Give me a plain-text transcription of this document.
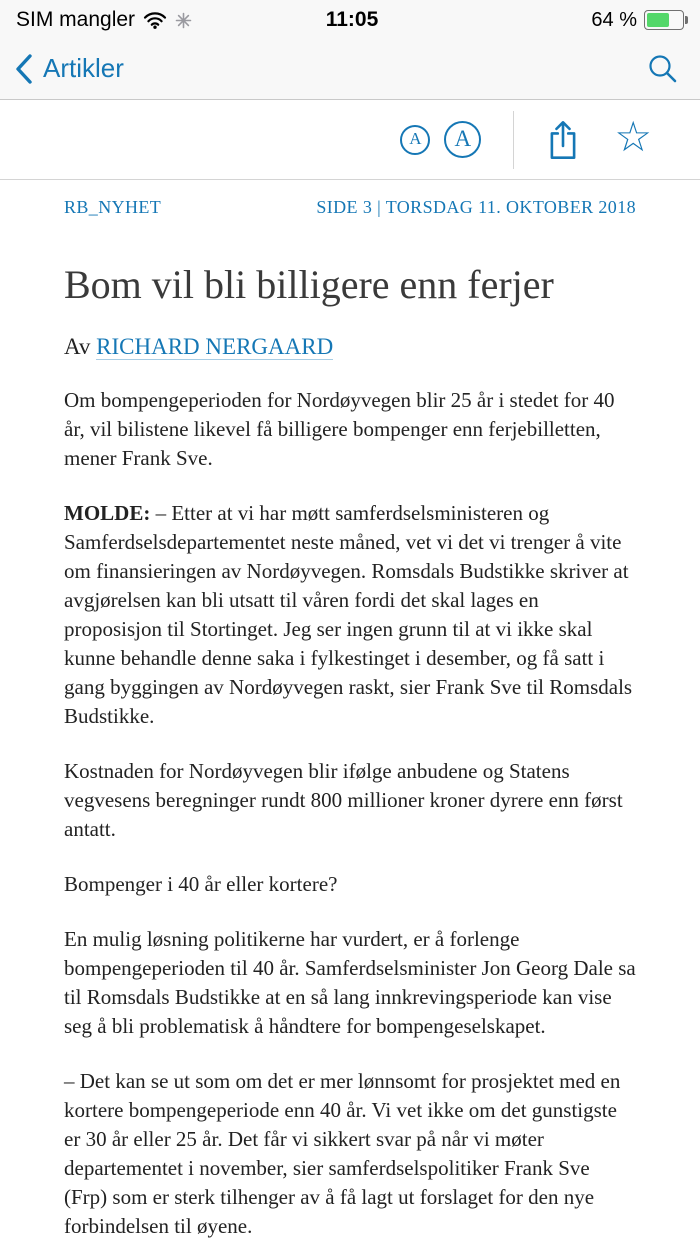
SIM mangler	11:05	64 %
Artikler
A A	☆
RB_NYHET	SIDE 3 | TORSDAG 11. OKTOBER 2018
Bom vil bli billigere enn ferjer
Av RICHARD NERGAARD

Om bompengeperioden for Nordøyvegen blir 25 år i stedet for 40 år, vil bilistene likevel få billigere bompenger enn ferjebilletten, mener Frank Sve.

MOLDE: – Etter at vi har møtt samferdselsministeren og Samferdselsdepartementet neste måned, vet vi det vi trenger å vite om finansieringen av Nordøyvegen. Romsdals Budstikke skriver at avgjørelsen kan bli utsatt til våren fordi det skal lages en proposisjon til Stortinget. Jeg ser ingen grunn til at vi ikke skal kunne behandle denne saka i fylkestinget i desember, og få satt i gang byggingen av Nordøyvegen raskt, sier Frank Sve til Romsdals Budstikke.

Kostnaden for Nordøyvegen blir ifølge anbudene og Statens vegvesens beregninger rundt 800 millioner kroner dyrere enn først antatt.

Bompenger i 40 år eller kortere?

En mulig løsning politikerne har vurdert, er å forlenge bompengeperioden til 40 år. Samferdselsminister Jon Georg Dale sa til Romsdals Budstikke at en så lang innkrevingsperiode kan vise seg å bli problematisk å håndtere for bompengeselskapet.

– Det kan se ut som om det er mer lønnsomt for prosjektet med en kortere bompengeperiode enn 40 år. Vi vet ikke om det gunstigste er 30 år eller 25 år. Det får vi sikkert svar på når vi møter departementet i november, sier samferdselspolitiker Frank Sve (Frp) som er sterk tilhenger av å få lagt ut forslaget for den nye forbindelsen til øyene.
